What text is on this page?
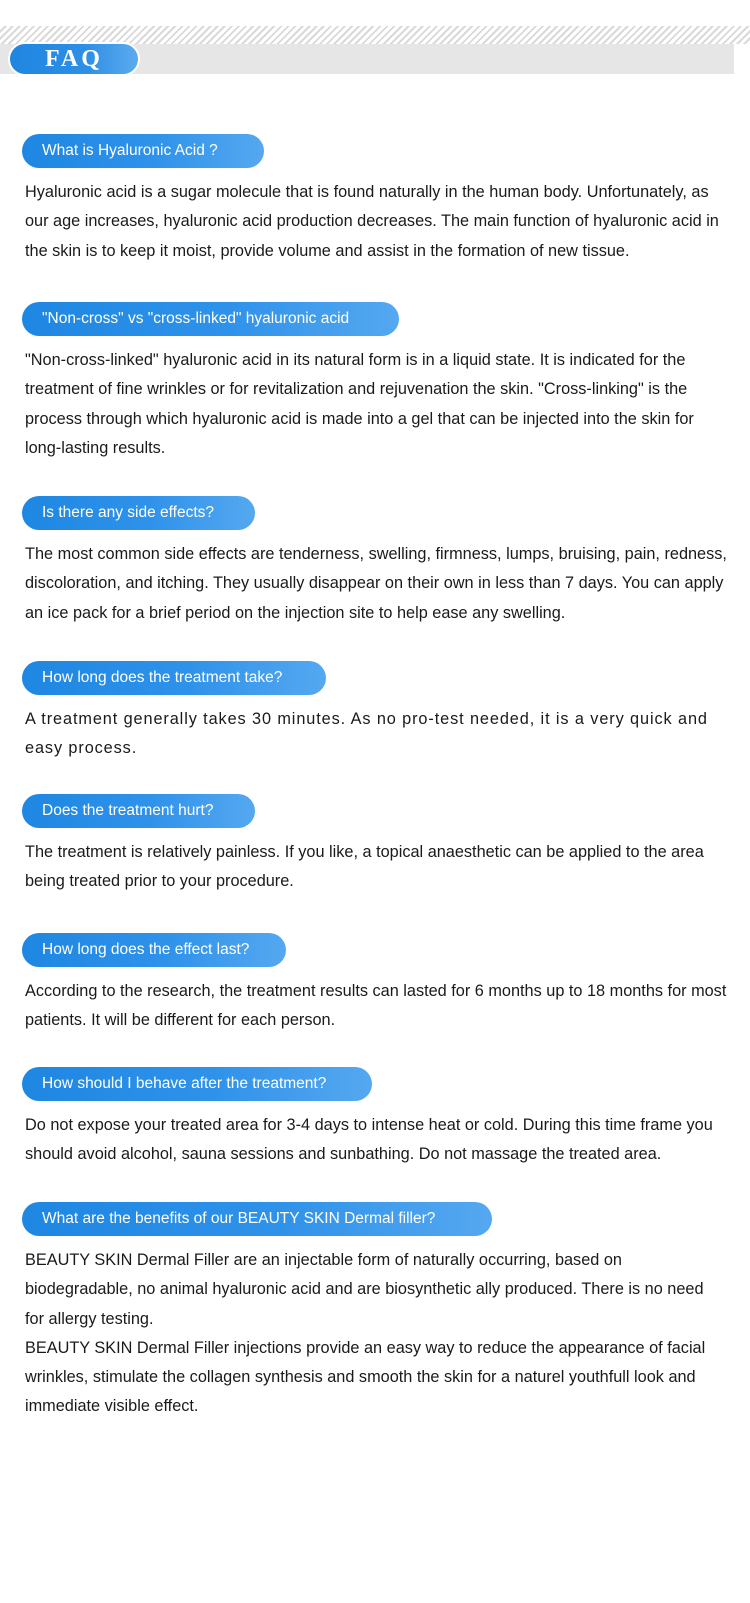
FAQ
What is Hyaluronic Acid ?

Hyaluronic acid is a sugar molecule that is found naturally in the human body. Unfortunately, as our age increases, hyaluronic acid production decreases. The main function of hyaluronic acid in the skin is to keep it moist, provide volume and assist in the formation of new tissue.

"Non-cross" vs "cross-linked" hyaluronic acid

"Non-cross-linked" hyaluronic acid in its natural form is in a liquid state. It is indicated for the treatment of fine wrinkles or for revitalization and rejuvenation the skin. "Cross-linking" is the process through which hyaluronic acid is made into a gel that can be injected into the skin for long-lasting results.

Is there any side effects?

The most common side effects are tenderness, swelling, firmness, lumps, bruising, pain, redness, discoloration, and itching. They usually disappear on their own in less than 7 days. You can apply an ice pack for a brief period on the injection site to help ease any swelling.

How long does the treatment take?

A treatment generally takes 30 minutes. As no pro-test needed, it is a very quick and easy process.

Does the treatment hurt?

The treatment is relatively painless. If you like, a topical anaesthetic can be applied to the area being treated prior to your procedure.

How long does the effect last?

According to the research, the treatment results can lasted for 6 months up to 18 months for most patients. It will be different for each person.

How should I behave after the treatment?

Do not expose your treated area for 3-4 days to intense heat or cold. During this time frame you should avoid alcohol, sauna sessions and sunbathing. Do not massage the treated area.

What are the benefits of our BEAUTY SKIN Dermal filler?

BEAUTY SKIN Dermal Filler are an injectable form of naturally occurring, based on biodegradable, no animal hyaluronic acid and are biosynthetic ally produced. There is no need for allergy testing.

BEAUTY SKIN Dermal Filler injections provide an easy way to reduce the appearance of facial wrinkles, stimulate the collagen synthesis and smooth the skin for a naturel youthfull look and immediate visible effect.
